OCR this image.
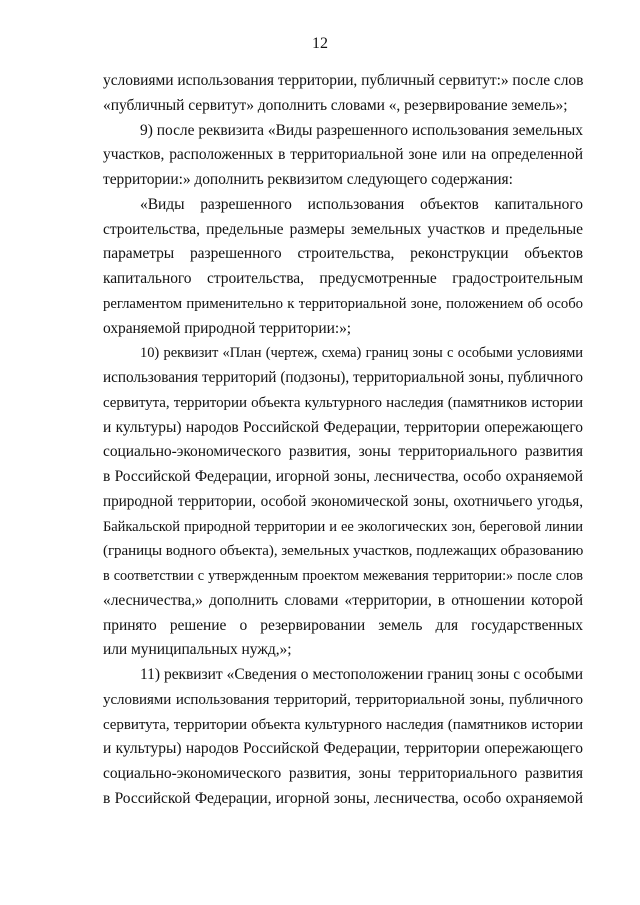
12
условиями использования территории, публичный сервитут:» после слов
«публичный сервитут» дополнить словами «, резервирование земель»;
9) после реквизита «Виды разрешенного использования земельных
участков, расположенных в территориальной зоне или на определенной
территории:» дополнить реквизитом следующего содержания:
«Виды разрешенного использования объектов капитального
строительства, предельные размеры земельных участков и предельные
параметры разрешенного строительства, реконструкции объектов
капитального строительства, предусмотренные градостроительным
регламентом применительно к территориальной зоне, положением об особо
охраняемой природной территории:»;
10) реквизит «План (чертеж, схема) границ зоны с особыми условиями
использования территорий (подзоны), территориальной зоны, публичного
сервитута, территории объекта культурного наследия (памятников истории
и культуры) народов Российской Федерации, территории опережающего
социально-экономического развития, зоны территориального развития
в Российской Федерации, игорной зоны, лесничества, особо охраняемой
природной территории, особой экономической зоны, охотничьего угодья,
Байкальской природной территории и ее экологических зон, береговой линии
(границы водного объекта), земельных участков, подлежащих образованию
в соответствии с утвержденным проектом межевания территории:» после слов
«лесничества,» дополнить словами «территории, в отношении которой
принято решение о резервировании земель для государственных
или муниципальных нужд,»;
11) реквизит «Сведения о местоположении границ зоны с особыми
условиями использования территорий, территориальной зоны, публичного
сервитута, территории объекта культурного наследия (памятников истории
и культуры) народов Российской Федерации, территории опережающего
социально-экономического развития, зоны территориального развития
в Российской Федерации, игорной зоны, лесничества, особо охраняемой
